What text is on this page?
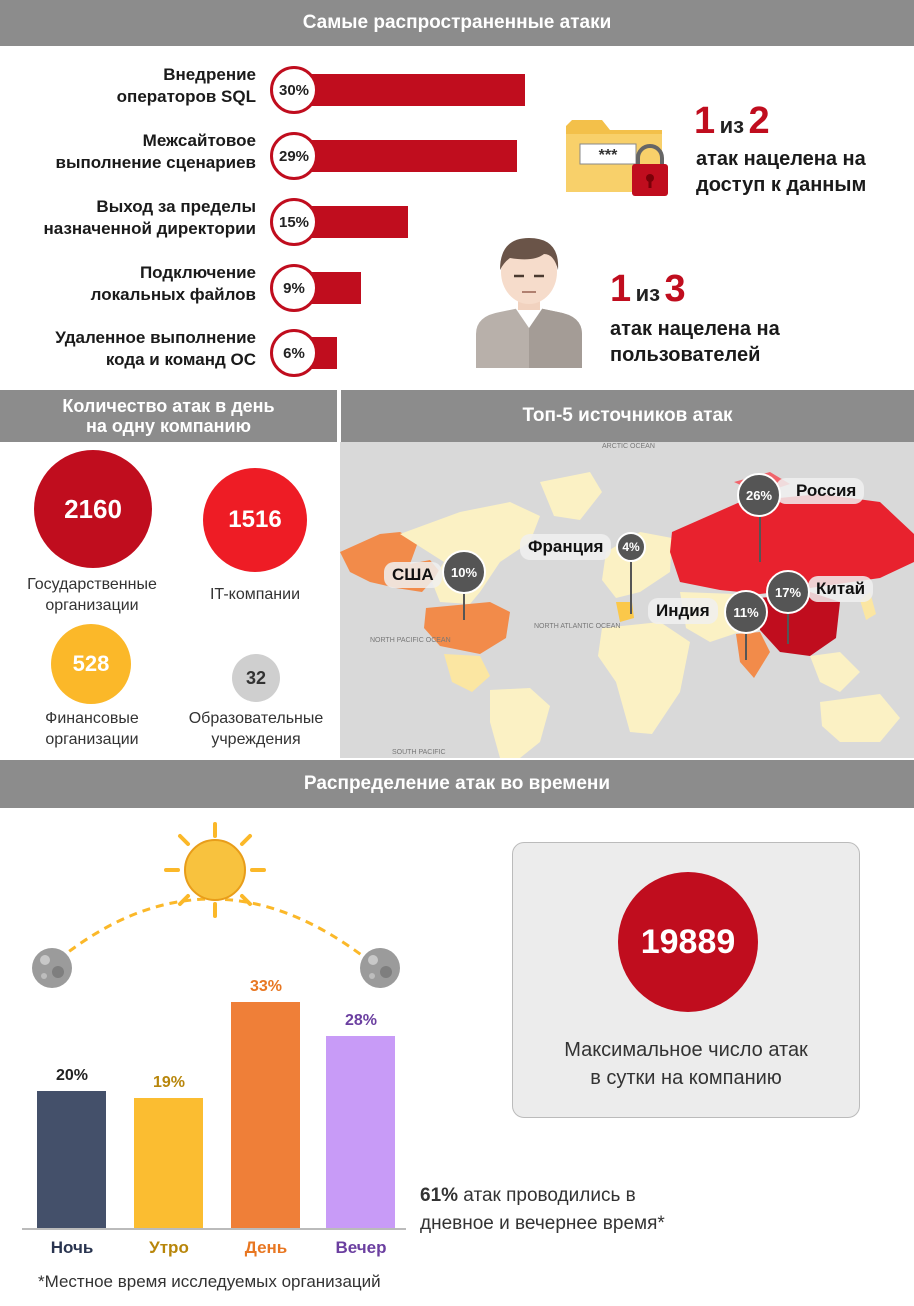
Самые распространенные атаки
Внедрение
операторов SQL	30%
Межсайтовое
выполнение сценариев	29%
Выход за пределы
назначенной директории	15%
Подключение
локальных файлов	9%
Удаленное выполнение
кода и команд ОС	6%
***
1 из 2
атак нацелена на
доступ к данным
1 из 3
атак нацелена на
пользователей
Количество атак в день
на одну компанию	Топ-5 источников атак
2160
Государственные
организации
1516
IT-компании
528
Финансовые
организации
32
Образовательные
учреждения
ARCTIC OCEAN
NORTH PACIFIC OCEAN
NORTH ATLANTIC OCEAN
SOUTH PACIFIC
Россия
26%
Франция	4%
США	10%
Китай
17%
Индия	11%
Распределение атак во времени
20%
Ночь
19%
Утро
33%
День
28%
Вечер
19889
Максимальное число атак
в сутки на компанию
61% атак проводились в
дневное и вечернее время*
*Местное время исследуемых организаций
